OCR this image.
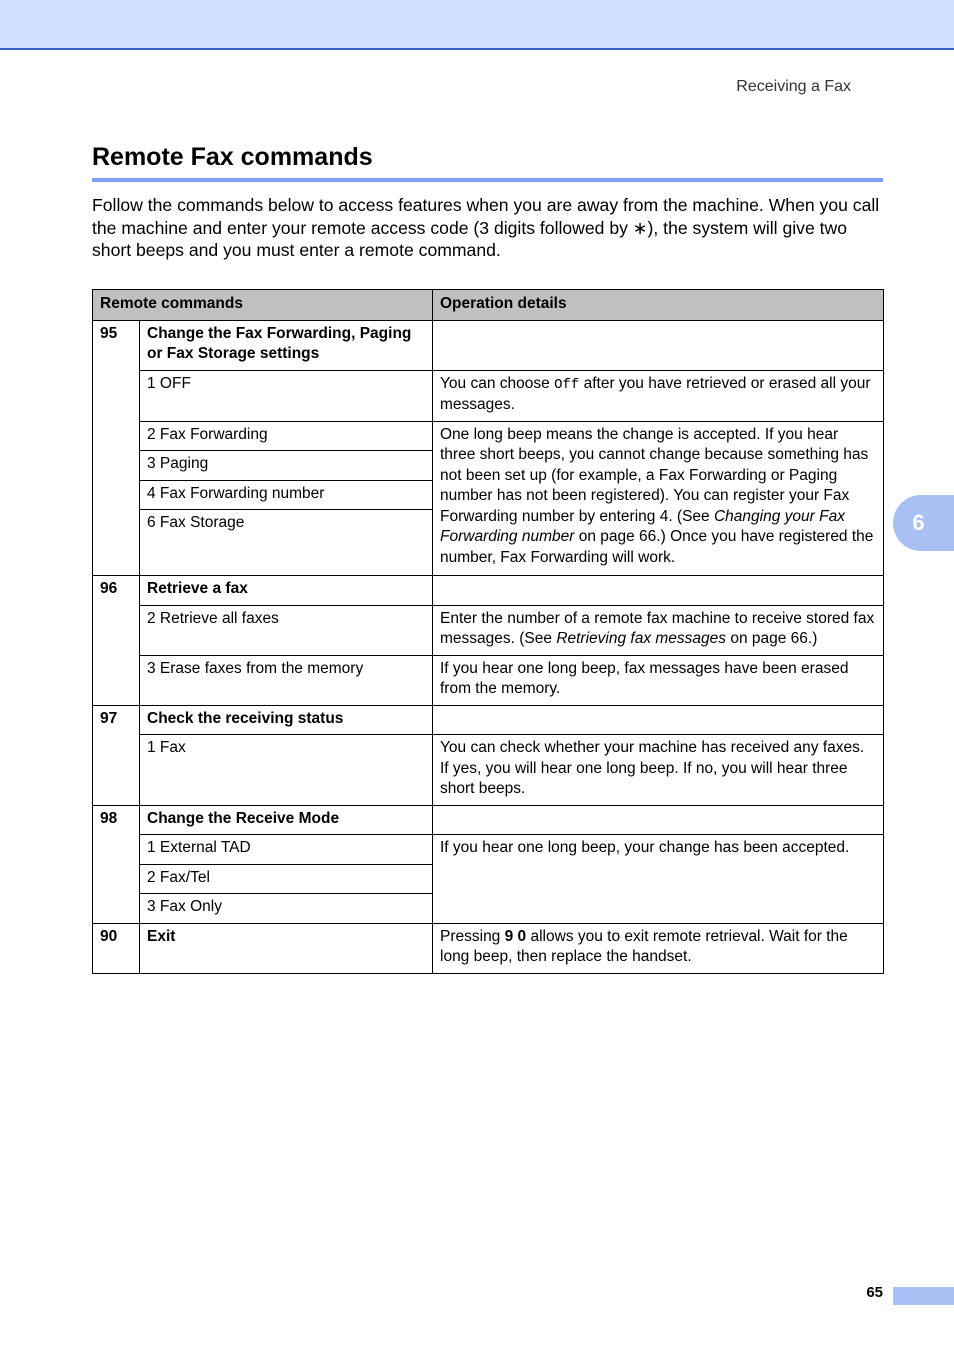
Receiving a Fax
Remote Fax commands

Follow the commands below to access features when you are away from the machine. When you call the machine and enter your remote access code (3 digits followed by ∗), the system will give two short beeps and you must enter a remote command.

Remote commands		Operation details
95	Change the Fax Forwarding, Paging or Fax Storage settings	
	1 OFF	You can choose Off after you have retrieved or erased all your messages.
	2 Fax Forwarding	One long beep means the change is accepted. If you hear three short beeps, you cannot change because something has not been set up (for example, a Fax Forwarding or Paging number has not been registered). You can register your Fax Forwarding number by entering 4. (See Changing your Fax Forwarding number on page 66.) Once you have registered the number, Fax Forwarding will work.
	3 Paging	
	4 Fax Forwarding number	
	6 Fax Storage	
96	Retrieve a fax	
	2 Retrieve all faxes	Enter the number of a remote fax machine to receive stored fax messages. (See Retrieving fax messages on page 66.)
	3 Erase faxes from the memory	If you hear one long beep, fax messages have been erased from the memory.
97	Check the receiving status	
	1 Fax	You can check whether your machine has received any faxes. If yes, you will hear one long beep. If no, you will hear three short beeps.
98	Change the Receive Mode	
	1 External TAD	If you hear one long beep, your change has been accepted.
	2 Fax/Tel	
	3 Fax Only	
90	Exit	Pressing 9 0 allows you to exit remote retrieval. Wait for the long beep, then replace the handset.
6
65
